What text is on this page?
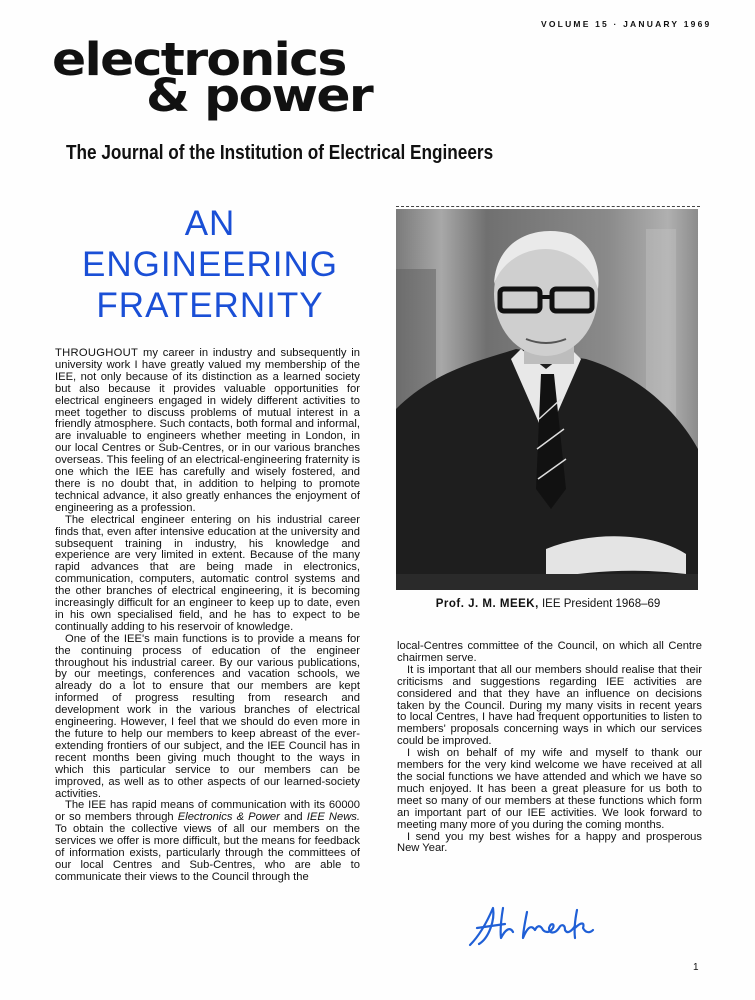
VOLUME 15 · JANUARY 1969
electronics
& power
The Journal of the Institution of Electrical Engineers
AN
ENGINEERING
FRATERNITY

THROUGHOUT my career in industry and subsequently in university work I have greatly valued my membership of the IEE, not only because of its distinction as a learned society but also because it provides valuable opportunities for electrical engineers engaged in widely different activities to meet together to discuss problems of mutual interest in a friendly atmosphere. Such contacts, both formal and informal, are invaluable to engineers whether meeting in London, in our local Centres or Sub-Centres, or in our various branches overseas. This feeling of an electrical-engineering fraternity is one which the IEE has carefully and wisely fostered, and there is no doubt that, in addition to helping to promote technical advance, it also greatly enhances the enjoyment of engineering as a profession.

The electrical engineer entering on his industrial career finds that, even after intensive education at the university and subsequent training in industry, his knowledge and experience are very limited in extent. Because of the many rapid advances that are being made in electronics, communication, computers, automatic control systems and the other branches of electrical engineering, it is becoming increasingly difficult for an engineer to keep up to date, even in his own specialised field, and he has to expect to be continually adding to his reservoir of knowledge.

One of the IEE's main functions is to provide a means for the continuing process of education of the engineer throughout his industrial career. By our various publications, by our meetings, conferences and vacation schools, we already do a lot to ensure that our members are kept informed of progress resulting from research and development work in the various branches of electrical engineering. However, I feel that we should do even more in the future to help our members to keep abreast of the ever-extending frontiers of our subject, and the IEE Council has in recent months been giving much thought to the ways in which this particular service to our members can be improved, as well as to other aspects of our learned-society activities.

The IEE has rapid means of communication with its 60000 or so members through Electronics & Power and IEE News. To obtain the collective views of all our members on the services we offer is more difficult, but the means for feedback of information exists, particularly through the committees of our local Centres and Sub-Centres, who are able to communicate their views to the Council through the

Prof. J. M. MEEK, IEE President 1968–69

local-Centres committee of the Council, on which all Centre chairmen serve.

It is important that all our members should realise that their criticisms and suggestions regarding IEE activities are considered and that they have an influence on decisions taken by the Council. During my many visits in recent years to local Centres, I have had frequent opportunities to listen to members' proposals concerning ways in which our services could be improved.

I wish on behalf of my wife and myself to thank our members for the very kind welcome we have received at all the social functions we have attended and which we have so much enjoyed. It has been a great pleasure for us both to meet so many of our members at these functions which form an important part of our IEE activities. We look forward to meeting many more of you during the coming months.

I send you my best wishes for a happy and prosperous New Year.

1
